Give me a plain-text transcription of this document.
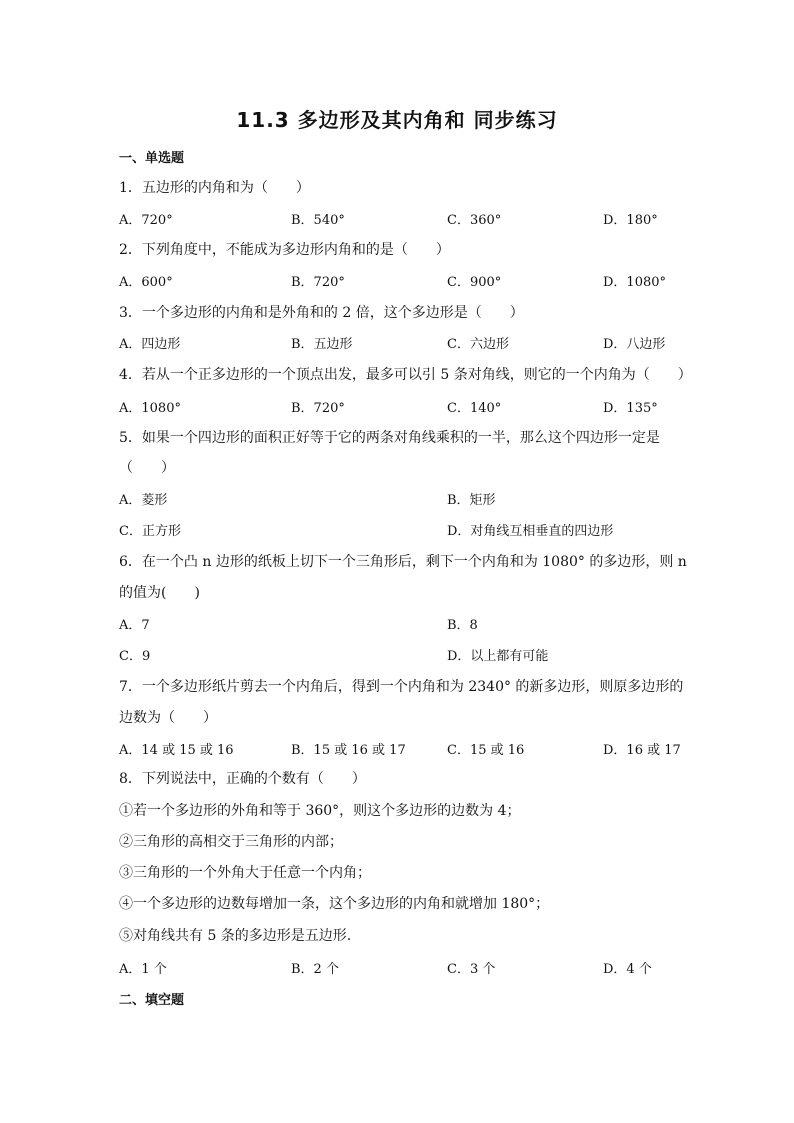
11.3 多边形及其内角和 同步练习
一、单选题
1．五边形的内角和为（　　）
A．720°	B．540°	C．360°	D．180°
2．下列角度中，不能成为多边形内角和的是（　　）
A．600°	B．720°	C．900°	D．1080°
3．一个多边形的内角和是外角和的 2 倍，这个多边形是（　　）
A．四边形	B．五边形	C．六边形	D．八边形
4．若从一个正多边形的一个顶点出发，最多可以引 5 条对角线，则它的一个内角为（　　）
A．1080°	B．720°	C．140°	D．135°
5．如果一个四边形的面积正好等于它的两条对角线乘积的一半，那么这个四边形一定是
（　　）
A．菱形	B．矩形
C．正方形	D．对角线互相垂直的四边形
6．在一个凸 n 边形的纸板上切下一个三角形后，剩下一个内角和为 1080° 的多边形，则 n
的值为(　　)
A．7	B．8
C．9	D．以上都有可能
7．一个多边形纸片剪去一个内角后，得到一个内角和为 2340° 的新多边形，则原多边形的
边数为（　　）
A．14 或 15 或 16	B．15 或 16 或 17	C．15 或 16	D．16 或 17
8．下列说法中，正确的个数有（　　）
①若一个多边形的外角和等于 360°，则这个多边形的边数为 4；
②三角形的高相交于三角形的内部；
③三角形的一个外角大于任意一个内角；
④一个多边形的边数每增加一条，这个多边形的内角和就增加 180°；
⑤对角线共有 5 条的多边形是五边形.
A．1 个	B．2 个	C．3 个	D．4 个
二、填空题
